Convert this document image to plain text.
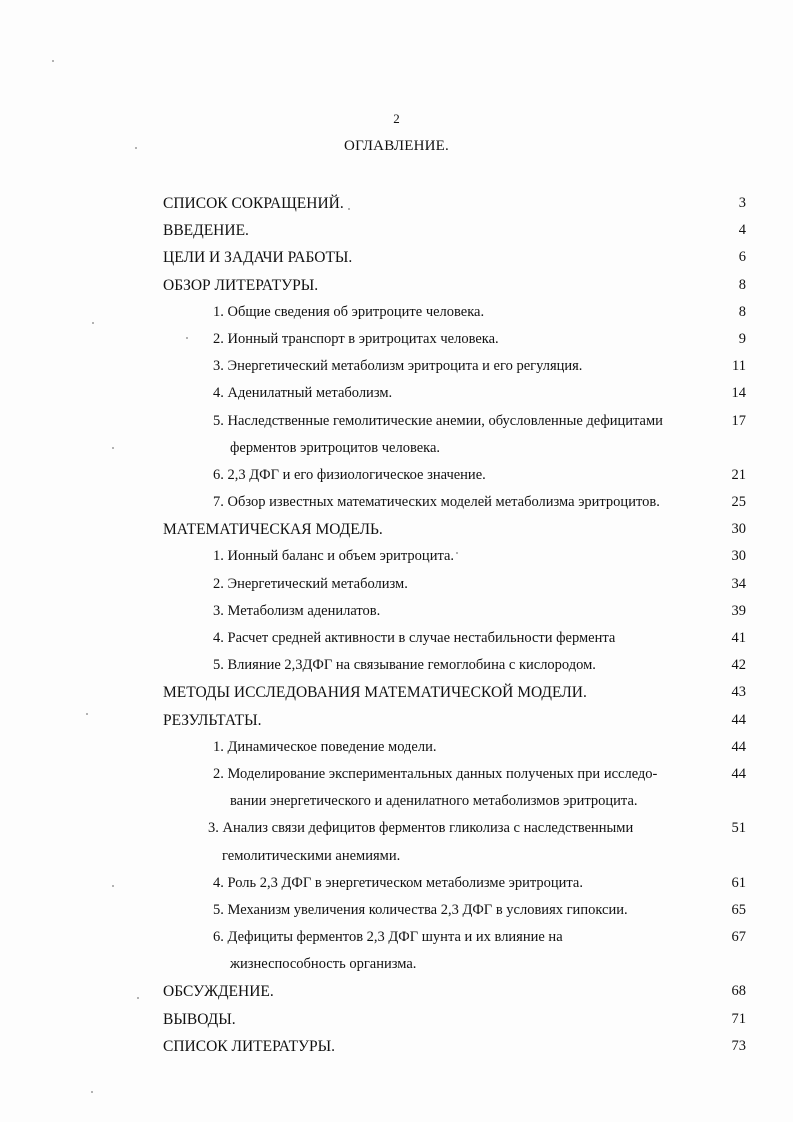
2
ОГЛАВЛЕНИЕ.
СПИСОК СОКРАЩЕНИЙ.	3
ВВЕДЕНИЕ.	4
ЦЕЛИ И ЗАДАЧИ РАБОТЫ.	6
ОБЗОР ЛИТЕРАТУРЫ.	8
1. Общие сведения об эритроците человека.	8
2. Ионный транспорт в эритроцитах человека.	9
3. Энергетический метаболизм эритроцита и его регуляция.	11
4. Аденилатный метаболизм.	14
5. Наследственные гемолитические анемии, обусловленные дефицитами	17
ферментов эритроцитов человека.
6. 2,3 ДФГ и его физиологическое значение.	21
7. Обзор известных математических моделей метаболизма эритроцитов.	25
МАТЕМАТИЧЕСКАЯ МОДЕЛЬ.	30
1. Ионный баланс и объем эритроцита.	30
2. Энергетический метаболизм.	34
3. Метаболизм аденилатов.	39
4. Расчет средней активности в случае нестабильности фермента	41
5. Влияние 2,3ДФГ на связывание гемоглобина с кислородом.	42
МЕТОДЫ ИССЛЕДОВАНИЯ МАТЕМАТИЧЕСКОЙ МОДЕЛИ.	43
РЕЗУЛЬТАТЫ.	44
1. Динамическое поведение модели.	44
2. Моделирование экспериментальных данных полученых при исследо-	44
вании энергетического и аденилатного метаболизмов эритроцита.
3. Анализ связи дефицитов ферментов гликолиза с наследственными	51
гемолитическими анемиями.
4. Роль 2,3 ДФГ в энергетическом метаболизме эритроцита.	61
5. Механизм увеличения количества 2,3 ДФГ в условиях гипоксии.	65
6. Дефициты ферментов 2,3 ДФГ шунта и их влияние на	67
жизнеспособность организма.
ОБСУЖДЕНИЕ.	68
ВЫВОДЫ.	71
СПИСОК ЛИТЕРАТУРЫ.	73
